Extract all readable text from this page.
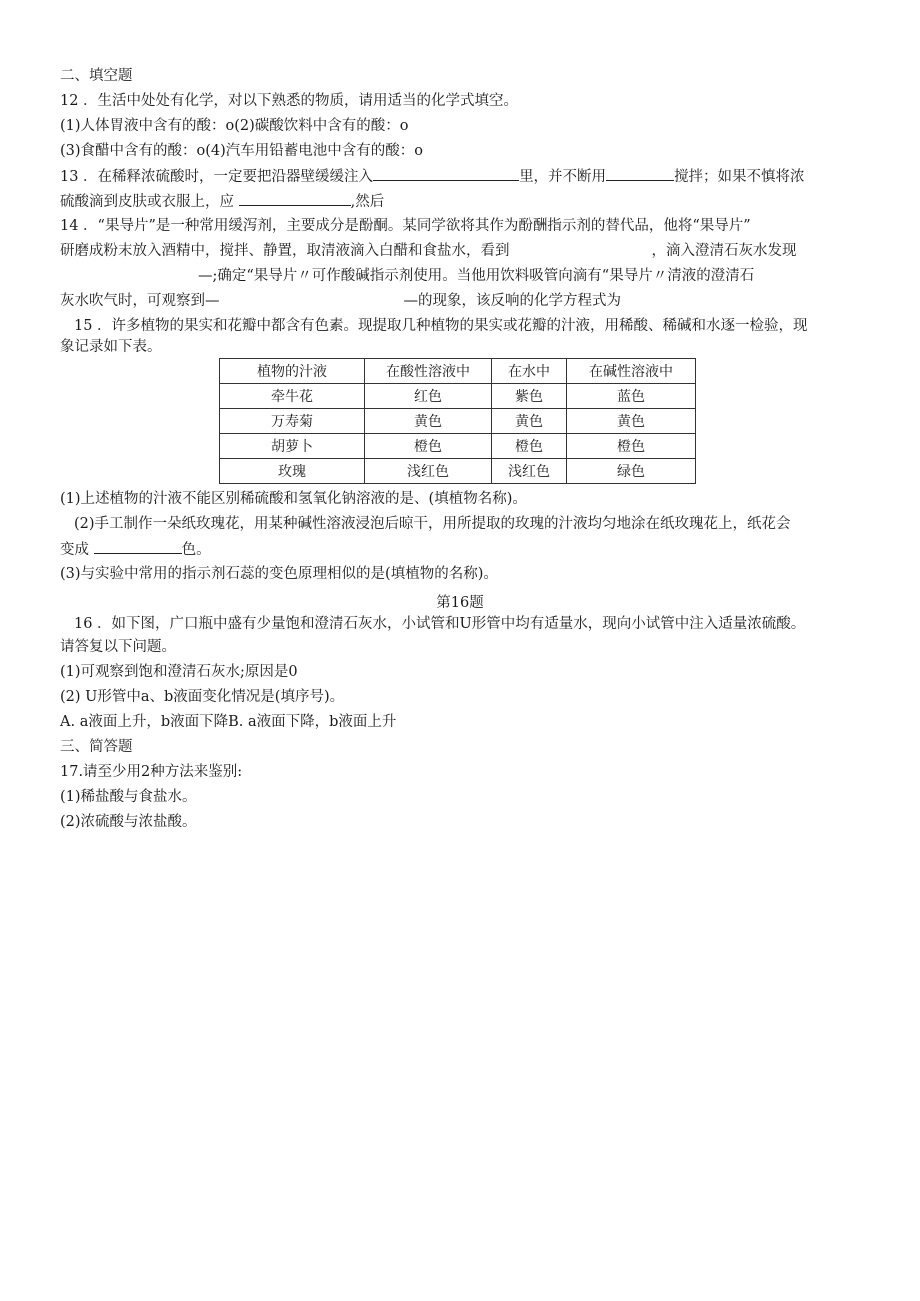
二、填空题
12 ．生活中处处有化学，对以下熟悉的物质，请用适当的化学式填空。
(1)人体胃液中含有的酸：o(2)碳酸饮料中含有的酸：o
(3)食醋中含有的酸：o(4)汽车用铅蓄电池中含有的酸：o
13 ．在稀释浓硫酸时，一定要把沿器壁缓缓注入	里，并不断用	搅拌；如果不慎将浓
硫酸滴到皮肤或衣服上，应	,然后
14 ．“果导片”是一种常用缓泻剂，主要成分是酚酮。某同学欲将其作为酚酬指示剂的替代品，他将“果导片”
研磨成粉末放入酒精中，搅拌、静置，取清液滴入白醋和食盐水，看到	，滴入澄清石灰水发现
—;确定“果导片〃可作酸碱指示剂使用。当他用饮料吸管向滴有“果导片〃清液的澄清石
灰水吹气时，可观察到—	—的现象，该反响的化学方程式为
15 ．许多植物的果实和花瓣中都含有色素。现提取几种植物的果实或花瓣的汁液，用稀酸、稀碱和水逐一检验，现
象记录如下表。
植物的汁液	在酸性溶液中	在水中	在碱性溶液中
牵牛花	红色	紫色	蓝色
万寿菊	黄色	黄色	黄色
胡萝卜	橙色	橙色	橙色
玫瑰	浅红色	浅红色	绿色
(1)上述植物的汁液不能区别稀硫酸和氢氧化钠溶液的是、(填植物名称)。
(2)手工制作一朵纸玫瑰花，用某种碱性溶液浸泡后晾干，用所提取的玫瑰的汁液均匀地涂在纸玫瑰花上，纸花会
变成	色。
(3)与实验中常用的指示剂石蕊的变色原理相似的是(填植物的名称)。
第16题
16 ．如下图，广口瓶中盛有少量饱和澄清石灰水，小试管和U形管中均有适量水，现向小试管中注入适量浓硫酸。
请答复以下问题。
(1)可观察到饱和澄清石灰水;原因是0
(2) U形管中a、b液面变化情况是(填序号)。
A. a液面上升，b液面下降B. a液面下降，b液面上升
三、简答题
17.请至少用2种方法来鉴别:
(1)稀盐酸与食盐水。
(2)浓硫酸与浓盐酸。
